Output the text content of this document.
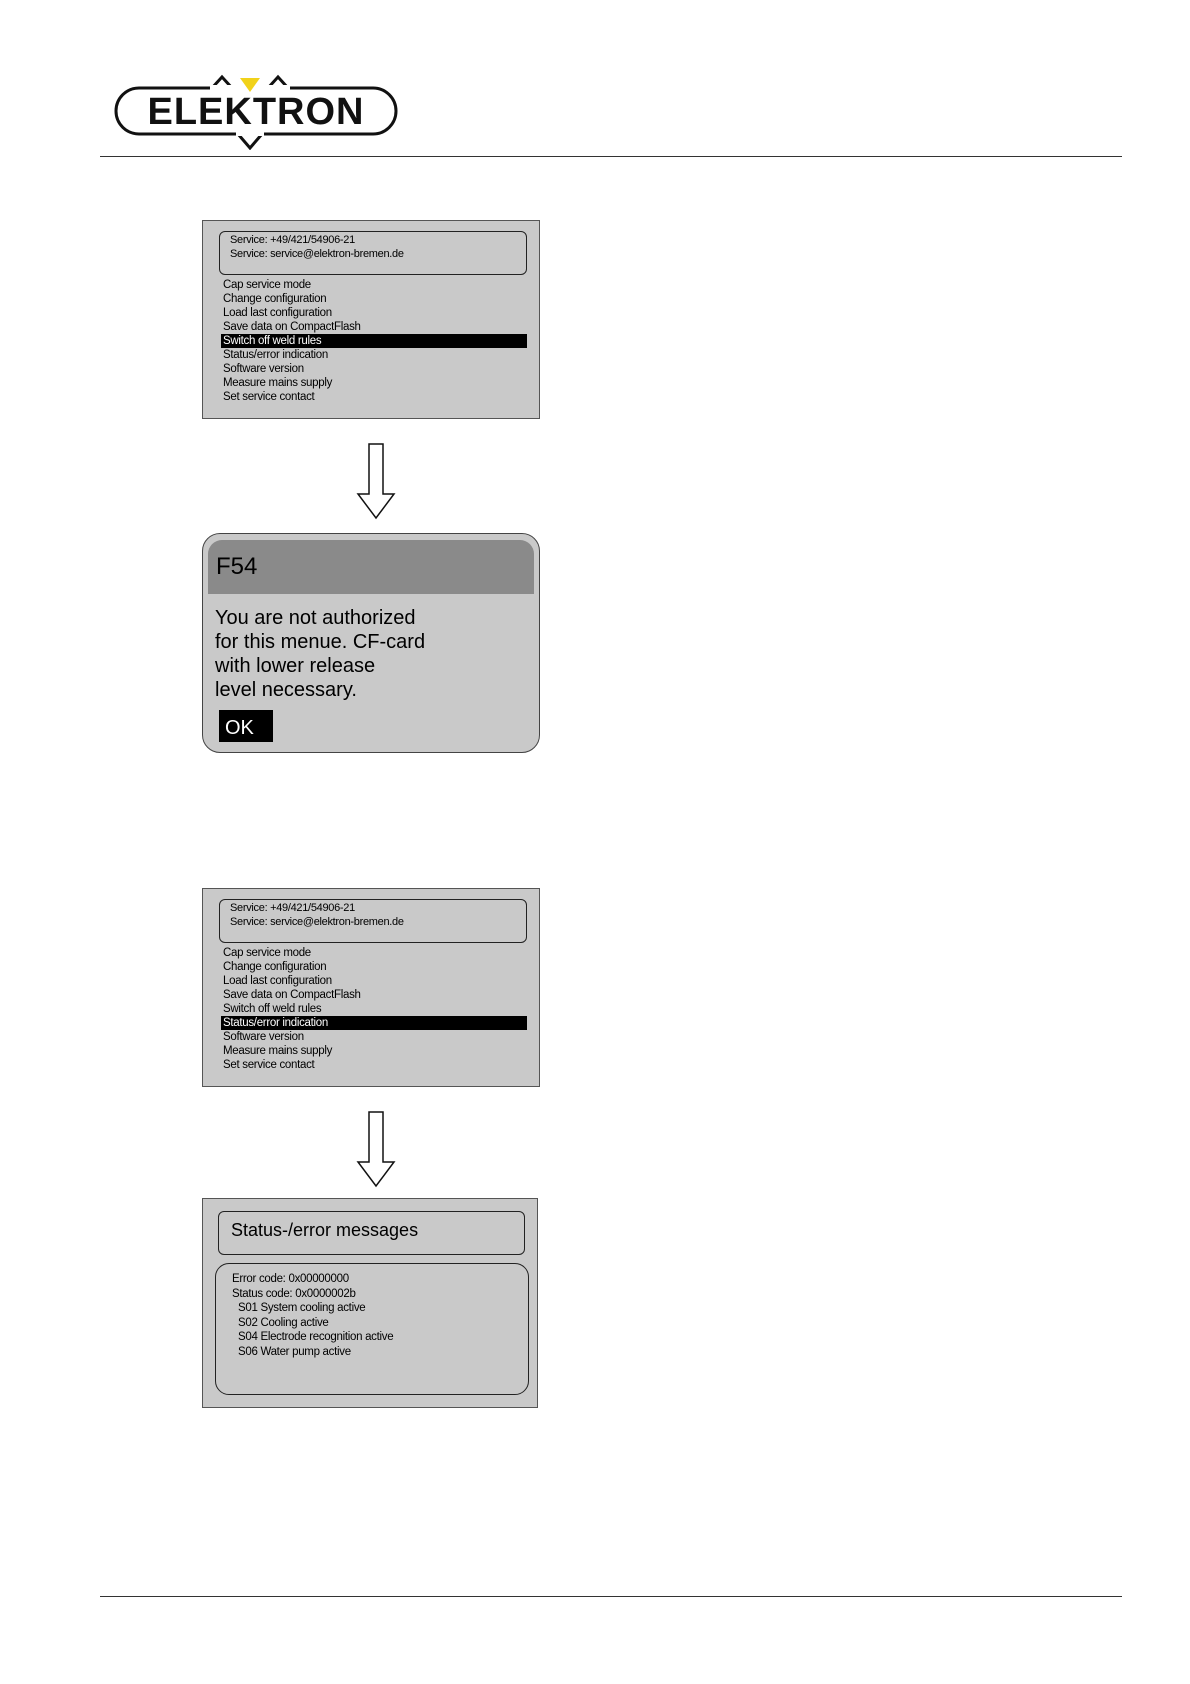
ELEKTRON
Service: +49/421/54906-21
Service: service@elektron-bremen.de
Cap service mode
Change configuration
Load last configuration
Save data on CompactFlash
Switch off weld rules
Status/error indication
Software version
Measure mains supply
Set service contact
F54
You are not authorized
for this menue. CF-card
with lower release
level necessary.
OK
Service: +49/421/54906-21
Service: service@elektron-bremen.de
Cap service mode
Change configuration
Load last configuration
Save data on CompactFlash
Switch off weld rules
Status/error indication
Software version
Measure mains supply
Set service contact
Status-/error messages
Error code: 0x00000000
Status code: 0x0000002b
S01 System cooling active
S02 Cooling active
S04 Electrode recognition active
S06 Water pump active
